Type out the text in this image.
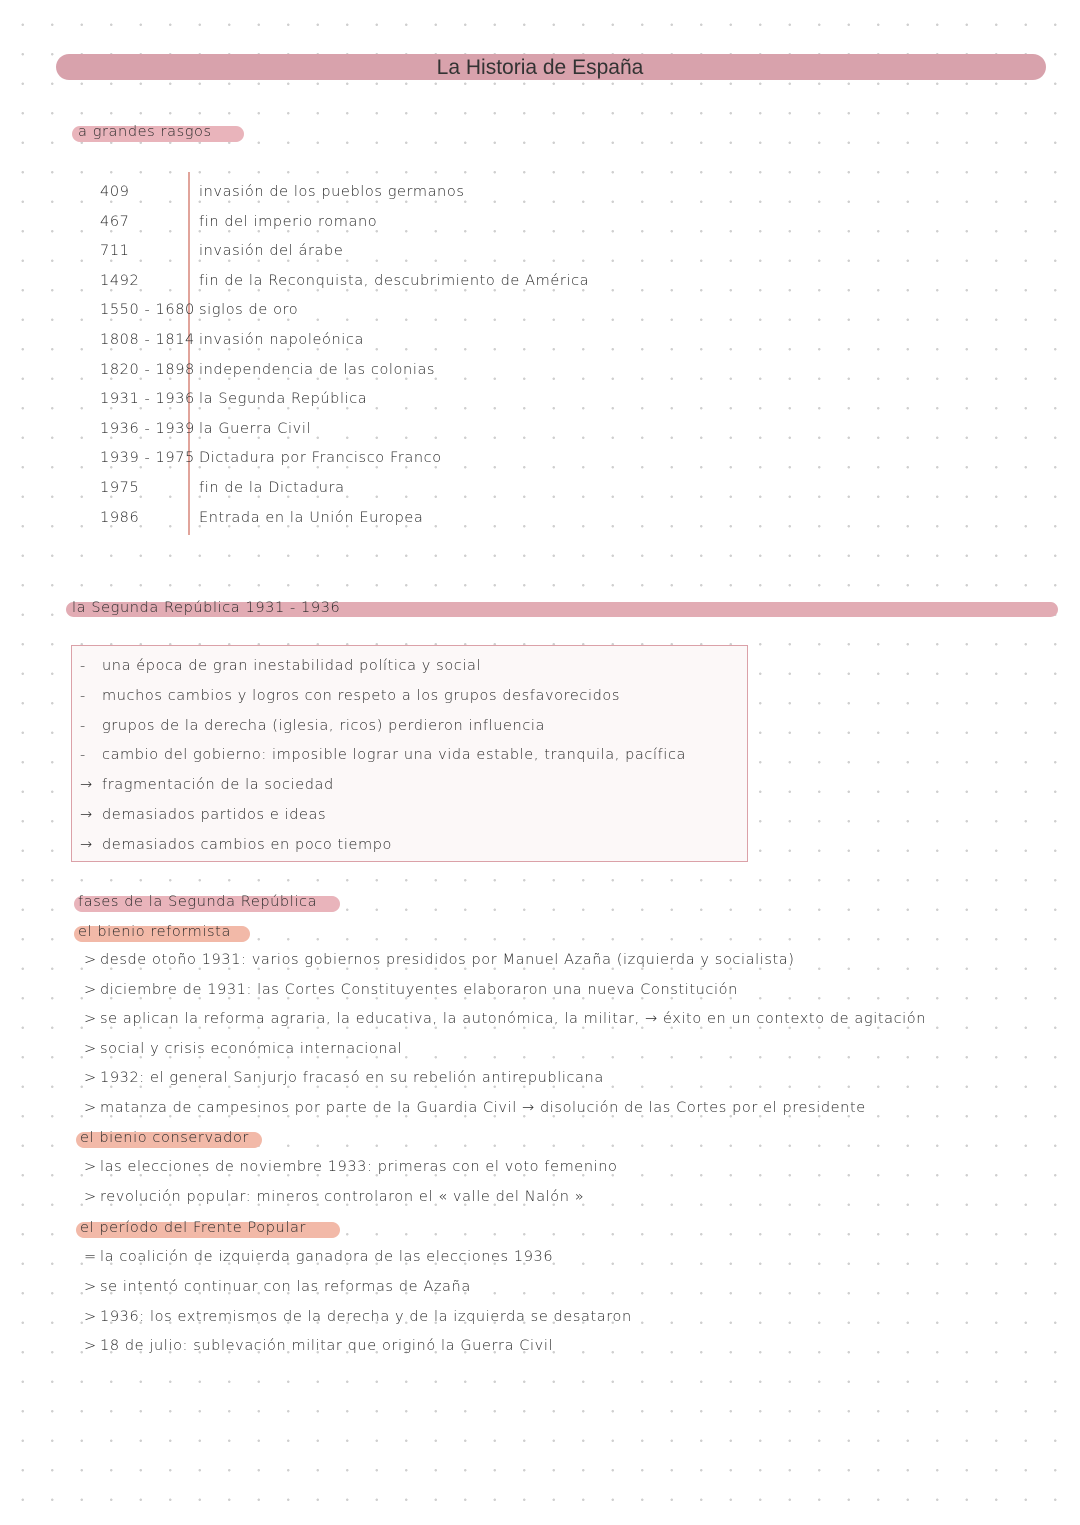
La Historia de España
a grandes rasgos
409	invasión de los pueblos germanos
467	fin del imperio romano
711	invasión del árabe
1492	fin de la Reconquista, descubrimiento de América
1550 - 1680 siglos de oro
1808 - 1814 invasión napoleónica
1820 - 1898 independencia de las colonias
1931 - 1936 la Segunda República
1936 - 1939 la Guerra Civil
1939 - 1975 Dictadura por Francisco Franco
1975	fin de la Dictadura
1986	Entrada en la Unión Europea
la Segunda República 1931 - 1936
- una época de gran inestabilidad política y social
- muchos cambios y logros con respeto a los grupos desfavorecidos
- grupos de la derecha (iglesia, ricos) perdieron influencia
- cambio del gobierno: imposible lograr una vida estable, tranquila, pacífica
→ fragmentación de la sociedad
→ demasiados partidos e ideas
→ demasiados cambios en poco tiempo
fases de la Segunda República
el bienio reformista
> desde otoño 1931: varios gobiernos presididos por Manuel Azaña (izquierda y socialista)
> diciembre de 1931: las Cortes Constituyentes elaboraron una nueva Constitución
> se aplican la reforma agraria, la educativa, la autonómica, la militar, → éxito en un contexto de agitación
> social y crisis económica internacional
> 1932: el general Sanjurjo fracasó en su rebelión antirepublicana
> matanza de campesinos por parte de la Guardia Civil → disolución de las Cortes por el presidente
el bienio conservador
> las elecciones de noviembre 1933: primeras con el voto femenino
> revolución popular: mineros controlaron el « valle del Nalón »
el período del Frente Popular
= la coalición de izquierda ganadora de las elecciones 1936
> se intentó continuar con las reformas de Azaña
> 1936: los extremismos de la derecha y de la izquierda se desataron
> 18 de julio: sublevación militar que originó la Guerra Civil
